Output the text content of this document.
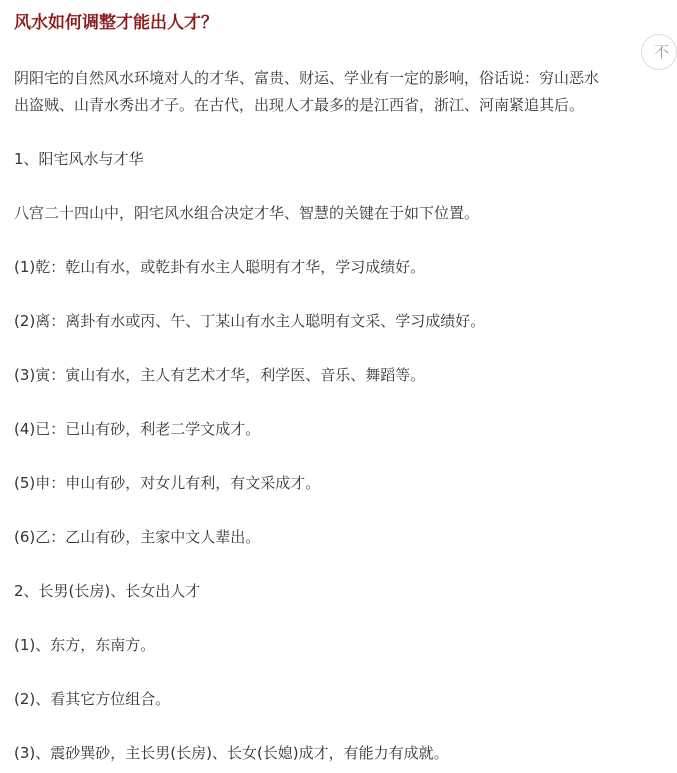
风水如何调整才能出人才？
不
阴阳宅的自然风水环境对人的才华、富贵、财运、学业有一定的影响，俗话说：穷山恶水
出盗贼、山青水秀出才子。在古代，出现人才最多的是江西省，浙江、河南紧追其后。

1、阳宅风水与才华

八宫二十四山中，阳宅风水组合决定才华、智慧的关键在于如下位置。

(1)乾：乾山有水，或乾卦有水主人聪明有才华，学习成绩好。

(2)离：离卦有水或丙、午、丁某山有水主人聪明有文采、学习成绩好。

(3)寅：寅山有水，主人有艺术才华，利学医、音乐、舞蹈等。

(4)已：已山有砂，利老二学文成才。

(5)申：申山有砂，对女儿有利，有文采成才。

(6)乙：乙山有砂，主家中文人辈出。

2、长男(长房)、长女出人才

(1)、东方，东南方。

(2)、看其它方位组合。

(3)、震砂巽砂，主长男(长房)、长女(长媳)成才，有能力有成就。
